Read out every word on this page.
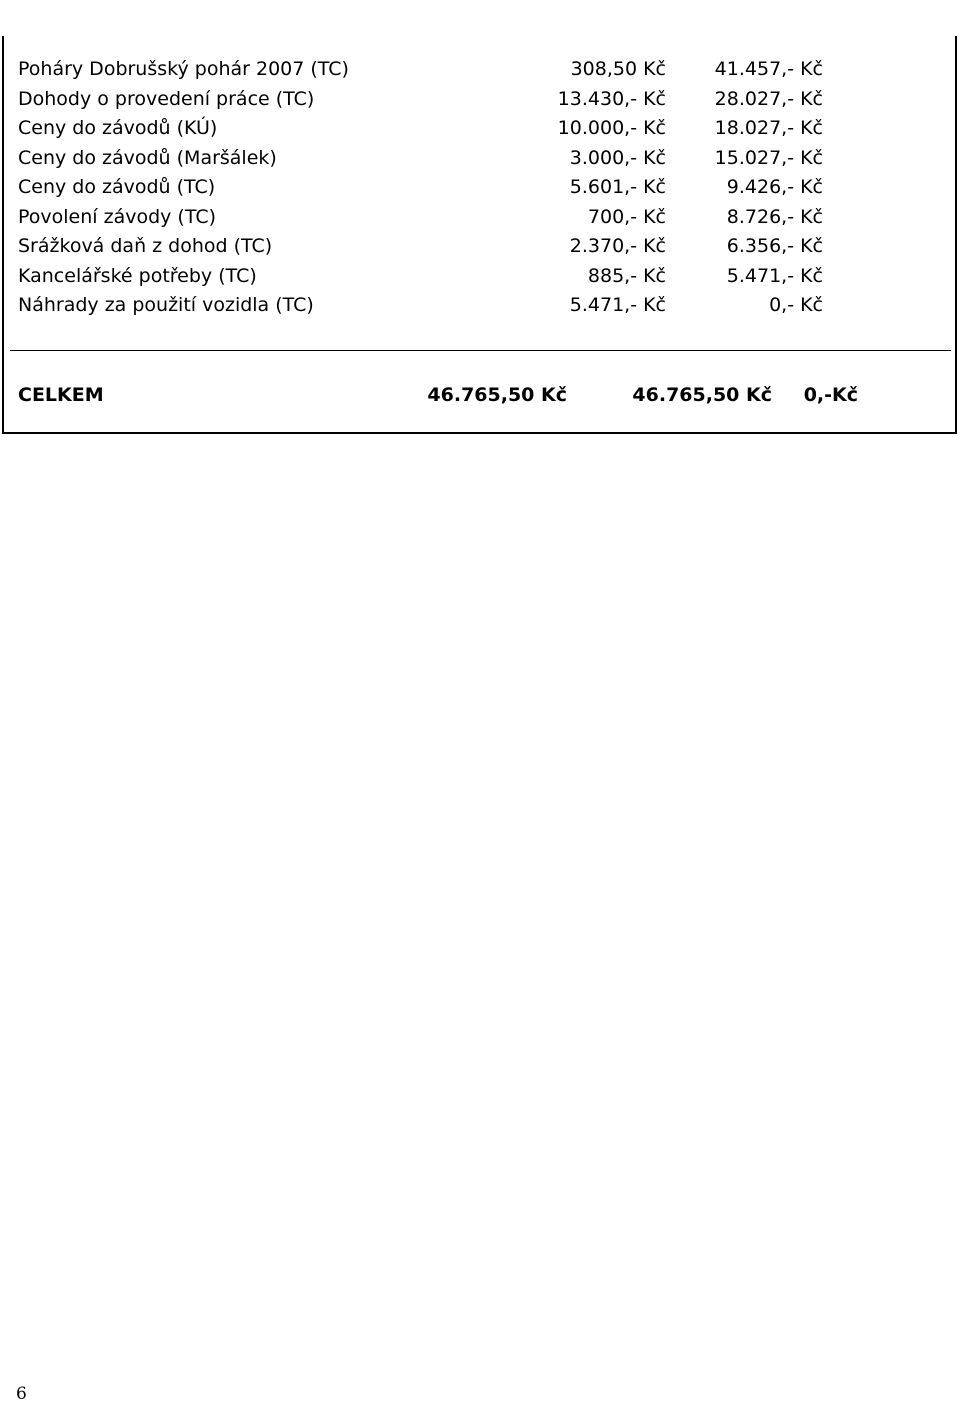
Poháry Dobrušský pohár 2007 (TC)	308,50 Kč	41.457,- Kč
Dohody o provedení práce (TC)	13.430,- Kč	28.027,- Kč
Ceny do závodů (KÚ)	10.000,- Kč	18.027,- Kč
Ceny do závodů (Maršálek)	3.000,- Kč	15.027,- Kč
Ceny do závodů (TC)	5.601,- Kč	9.426,- Kč
Povolení závody (TC)	700,- Kč	8.726,- Kč
Srážková daň z dohod (TC)	2.370,- Kč	6.356,- Kč
Kancelářské potřeby (TC)	885,- Kč	5.471,- Kč
Náhrady za použití vozidla (TC)	5.471,- Kč	0,- Kč
CELKEM	46.765,50 Kč	46.765,50 Kč 0,-Kč
6
